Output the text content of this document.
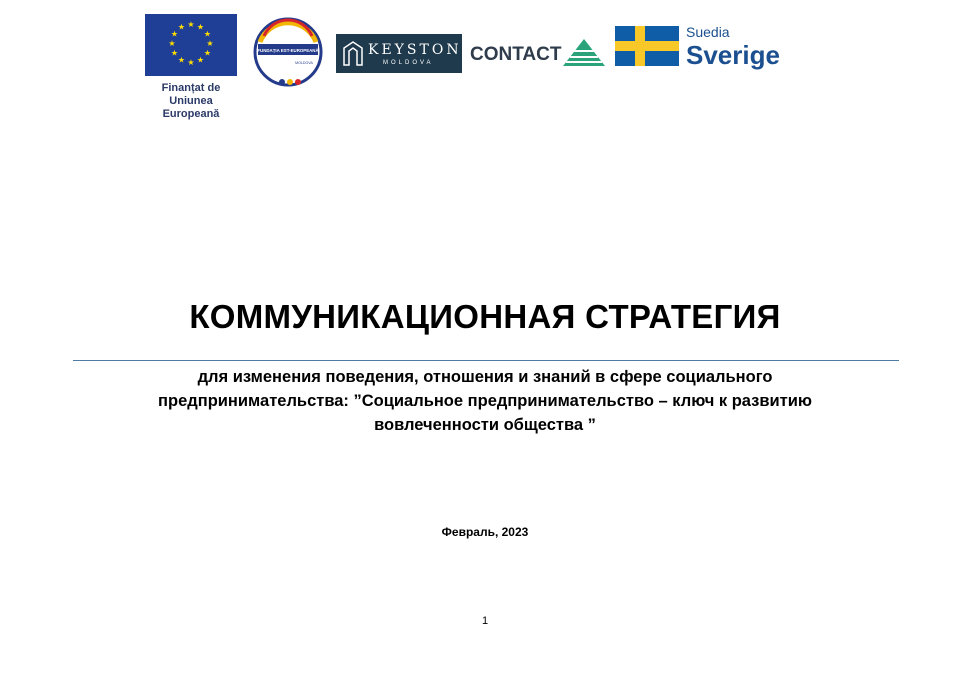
★ ★
★
★
★
★
★
★
★
★
★
★
Finanțat de
Uniunea Europeană
FUNDAȚIA EST-EUROPEANĂ
MOLDOVA
KEYSTONE
MOLDOVA CONTACT
Suedia
Sverige
КОММУНИКАЦИОННАЯ СТРАТЕГИЯ
для изменения поведения, отношения и знаний в сфере социального
предпринимательства: ”Социальное предпринимательство – ключ к развитию
вовлеченности общества ”
Февраль, 2023
1
